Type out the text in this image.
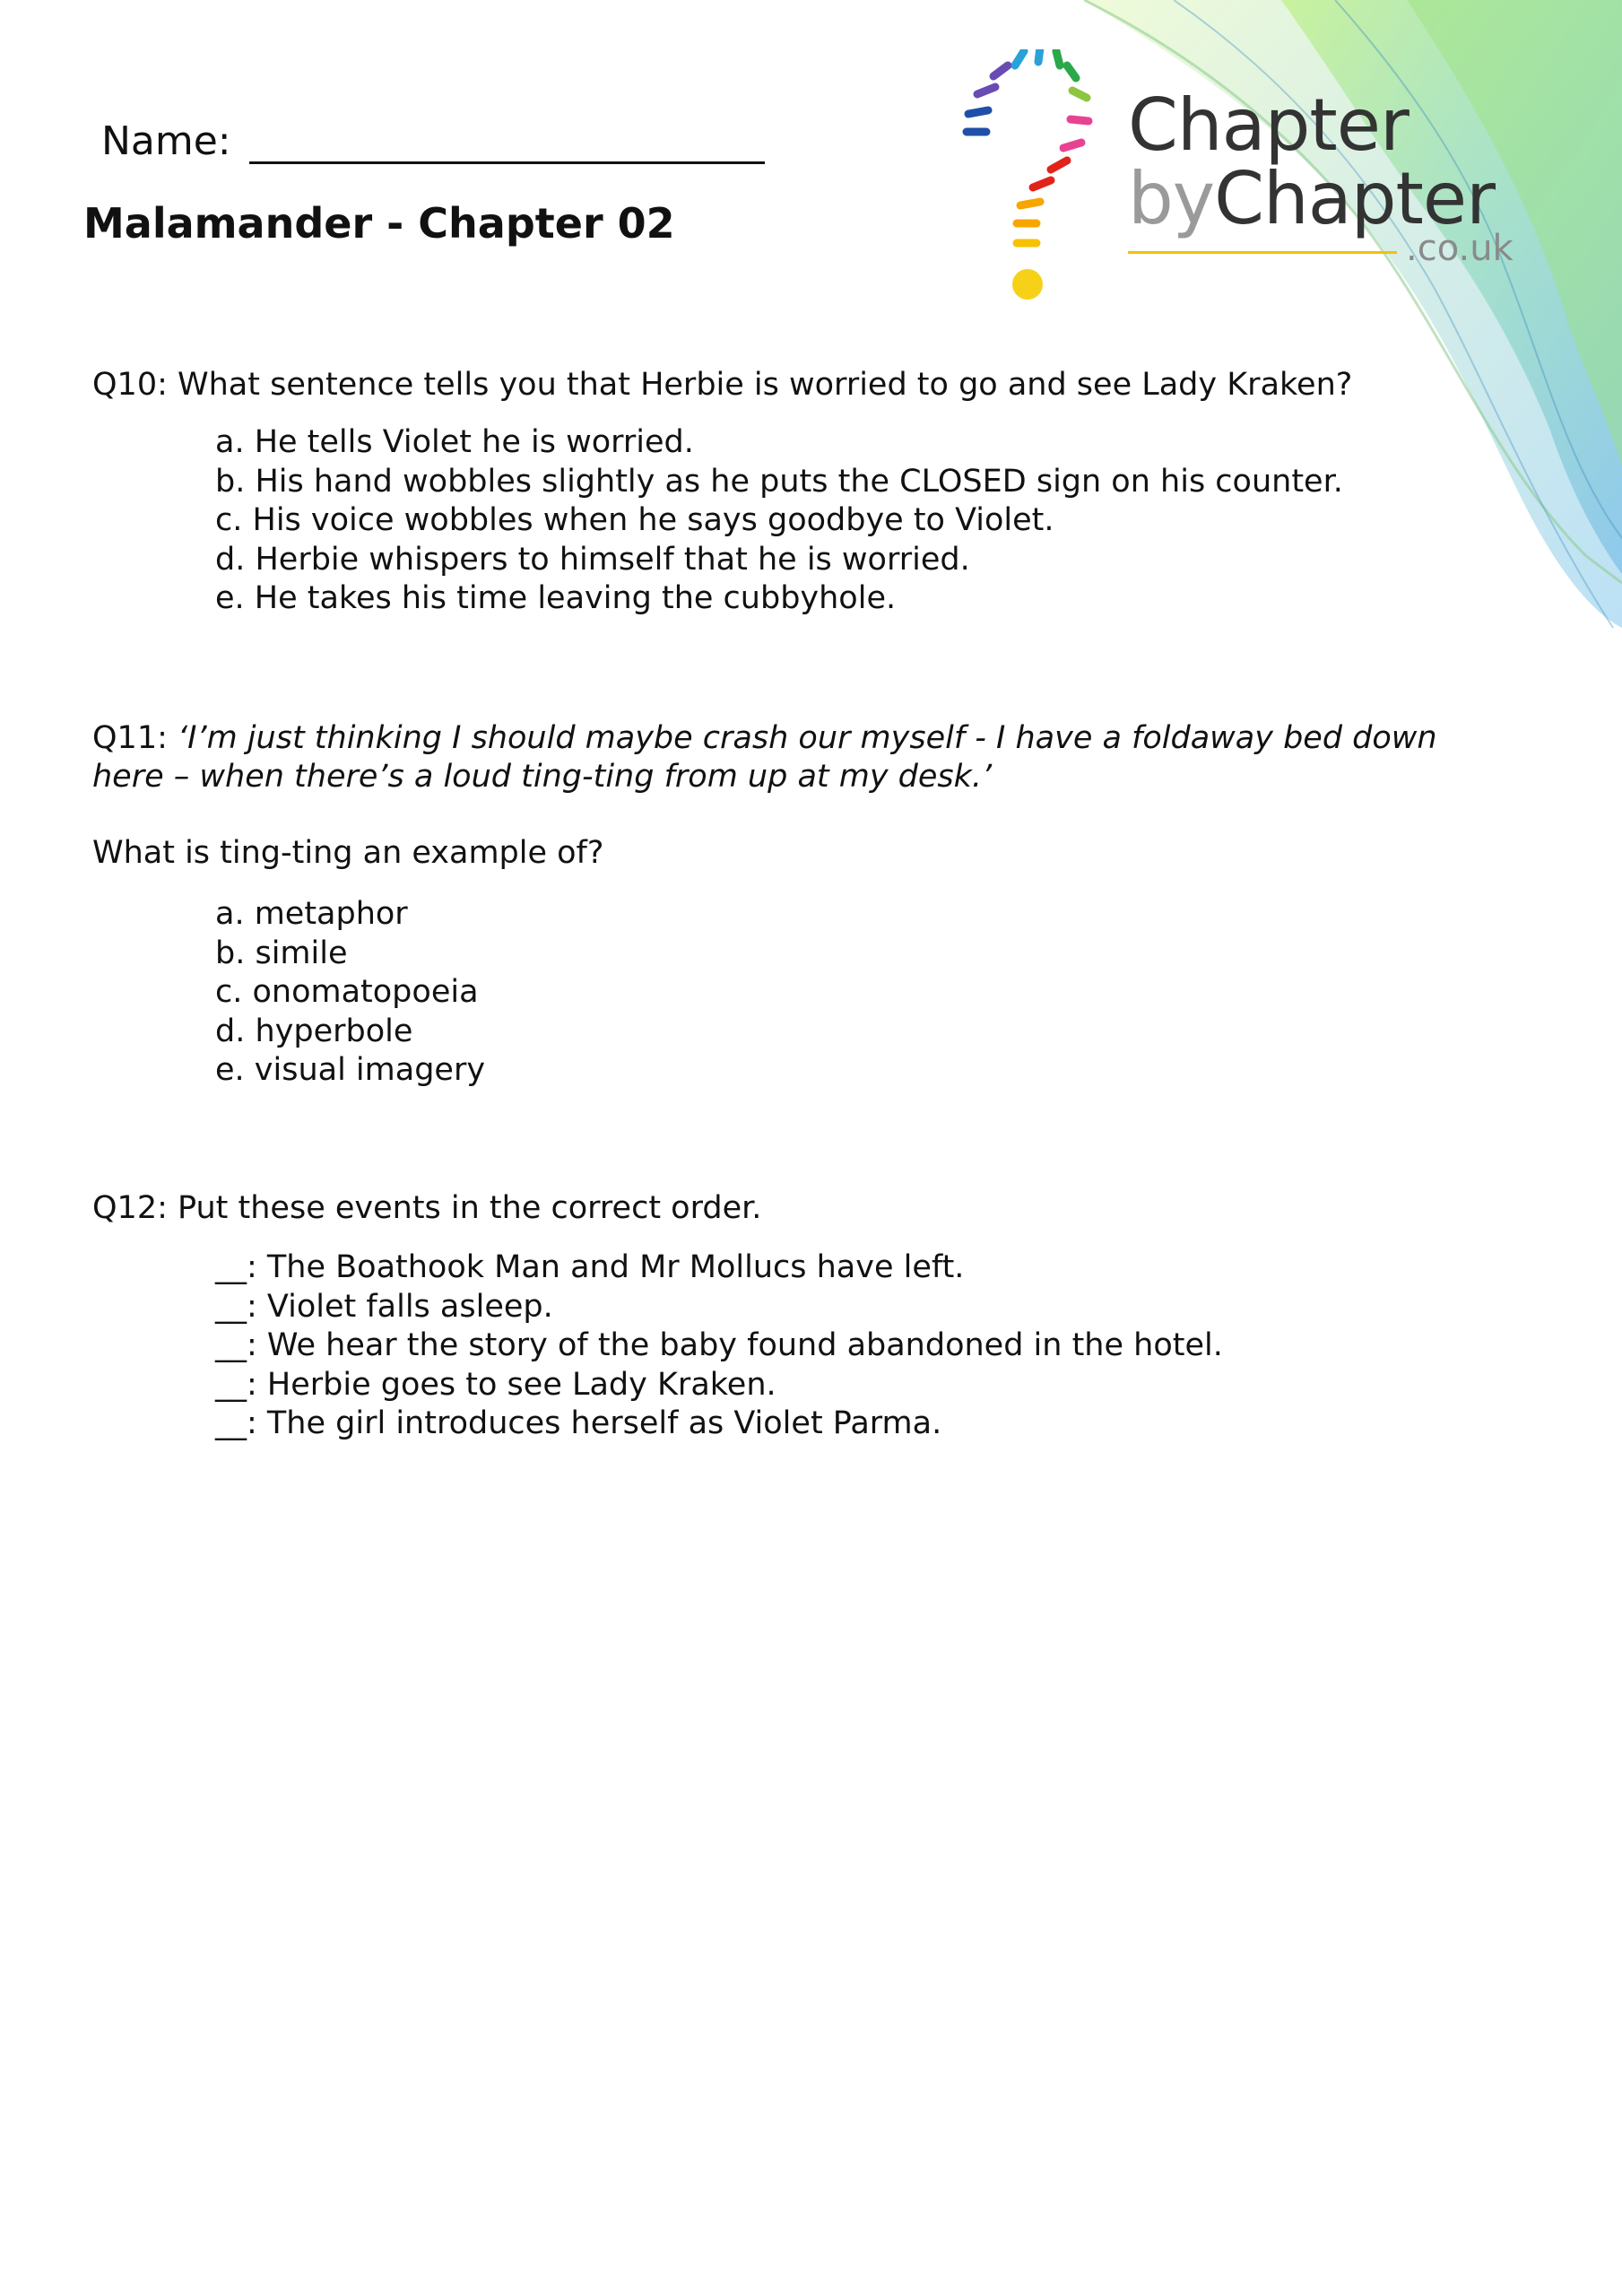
Chapter
byChapter
.co.uk
Name:
Malamander - Chapter 02
Q10: What sentence tells you that Herbie is worried to go and see Lady Kraken?
a. He tells Violet he is worried.
b. His hand wobbles slightly as he puts the CLOSED sign on his counter.
c. His voice wobbles when he says goodbye to Violet.
d. Herbie whispers to himself that he is worried.
e. He takes his time leaving the cubbyhole.
Q11: ‘I’m just thinking I should maybe crash our myself - I have a foldaway bed down
here – when there’s a loud ting-ting from up at my desk.’
What is ting-ting an example of?
a. metaphor
b. simile
c. onomatopoeia
d. hyperbole
e. visual imagery
Q12: Put these events in the correct order.
__: The Boathook Man and Mr Mollucs have left.
__: Violet falls asleep.
__: We hear the story of the baby found abandoned in the hotel.
__: Herbie goes to see Lady Kraken.
__: The girl introduces herself as Violet Parma.
